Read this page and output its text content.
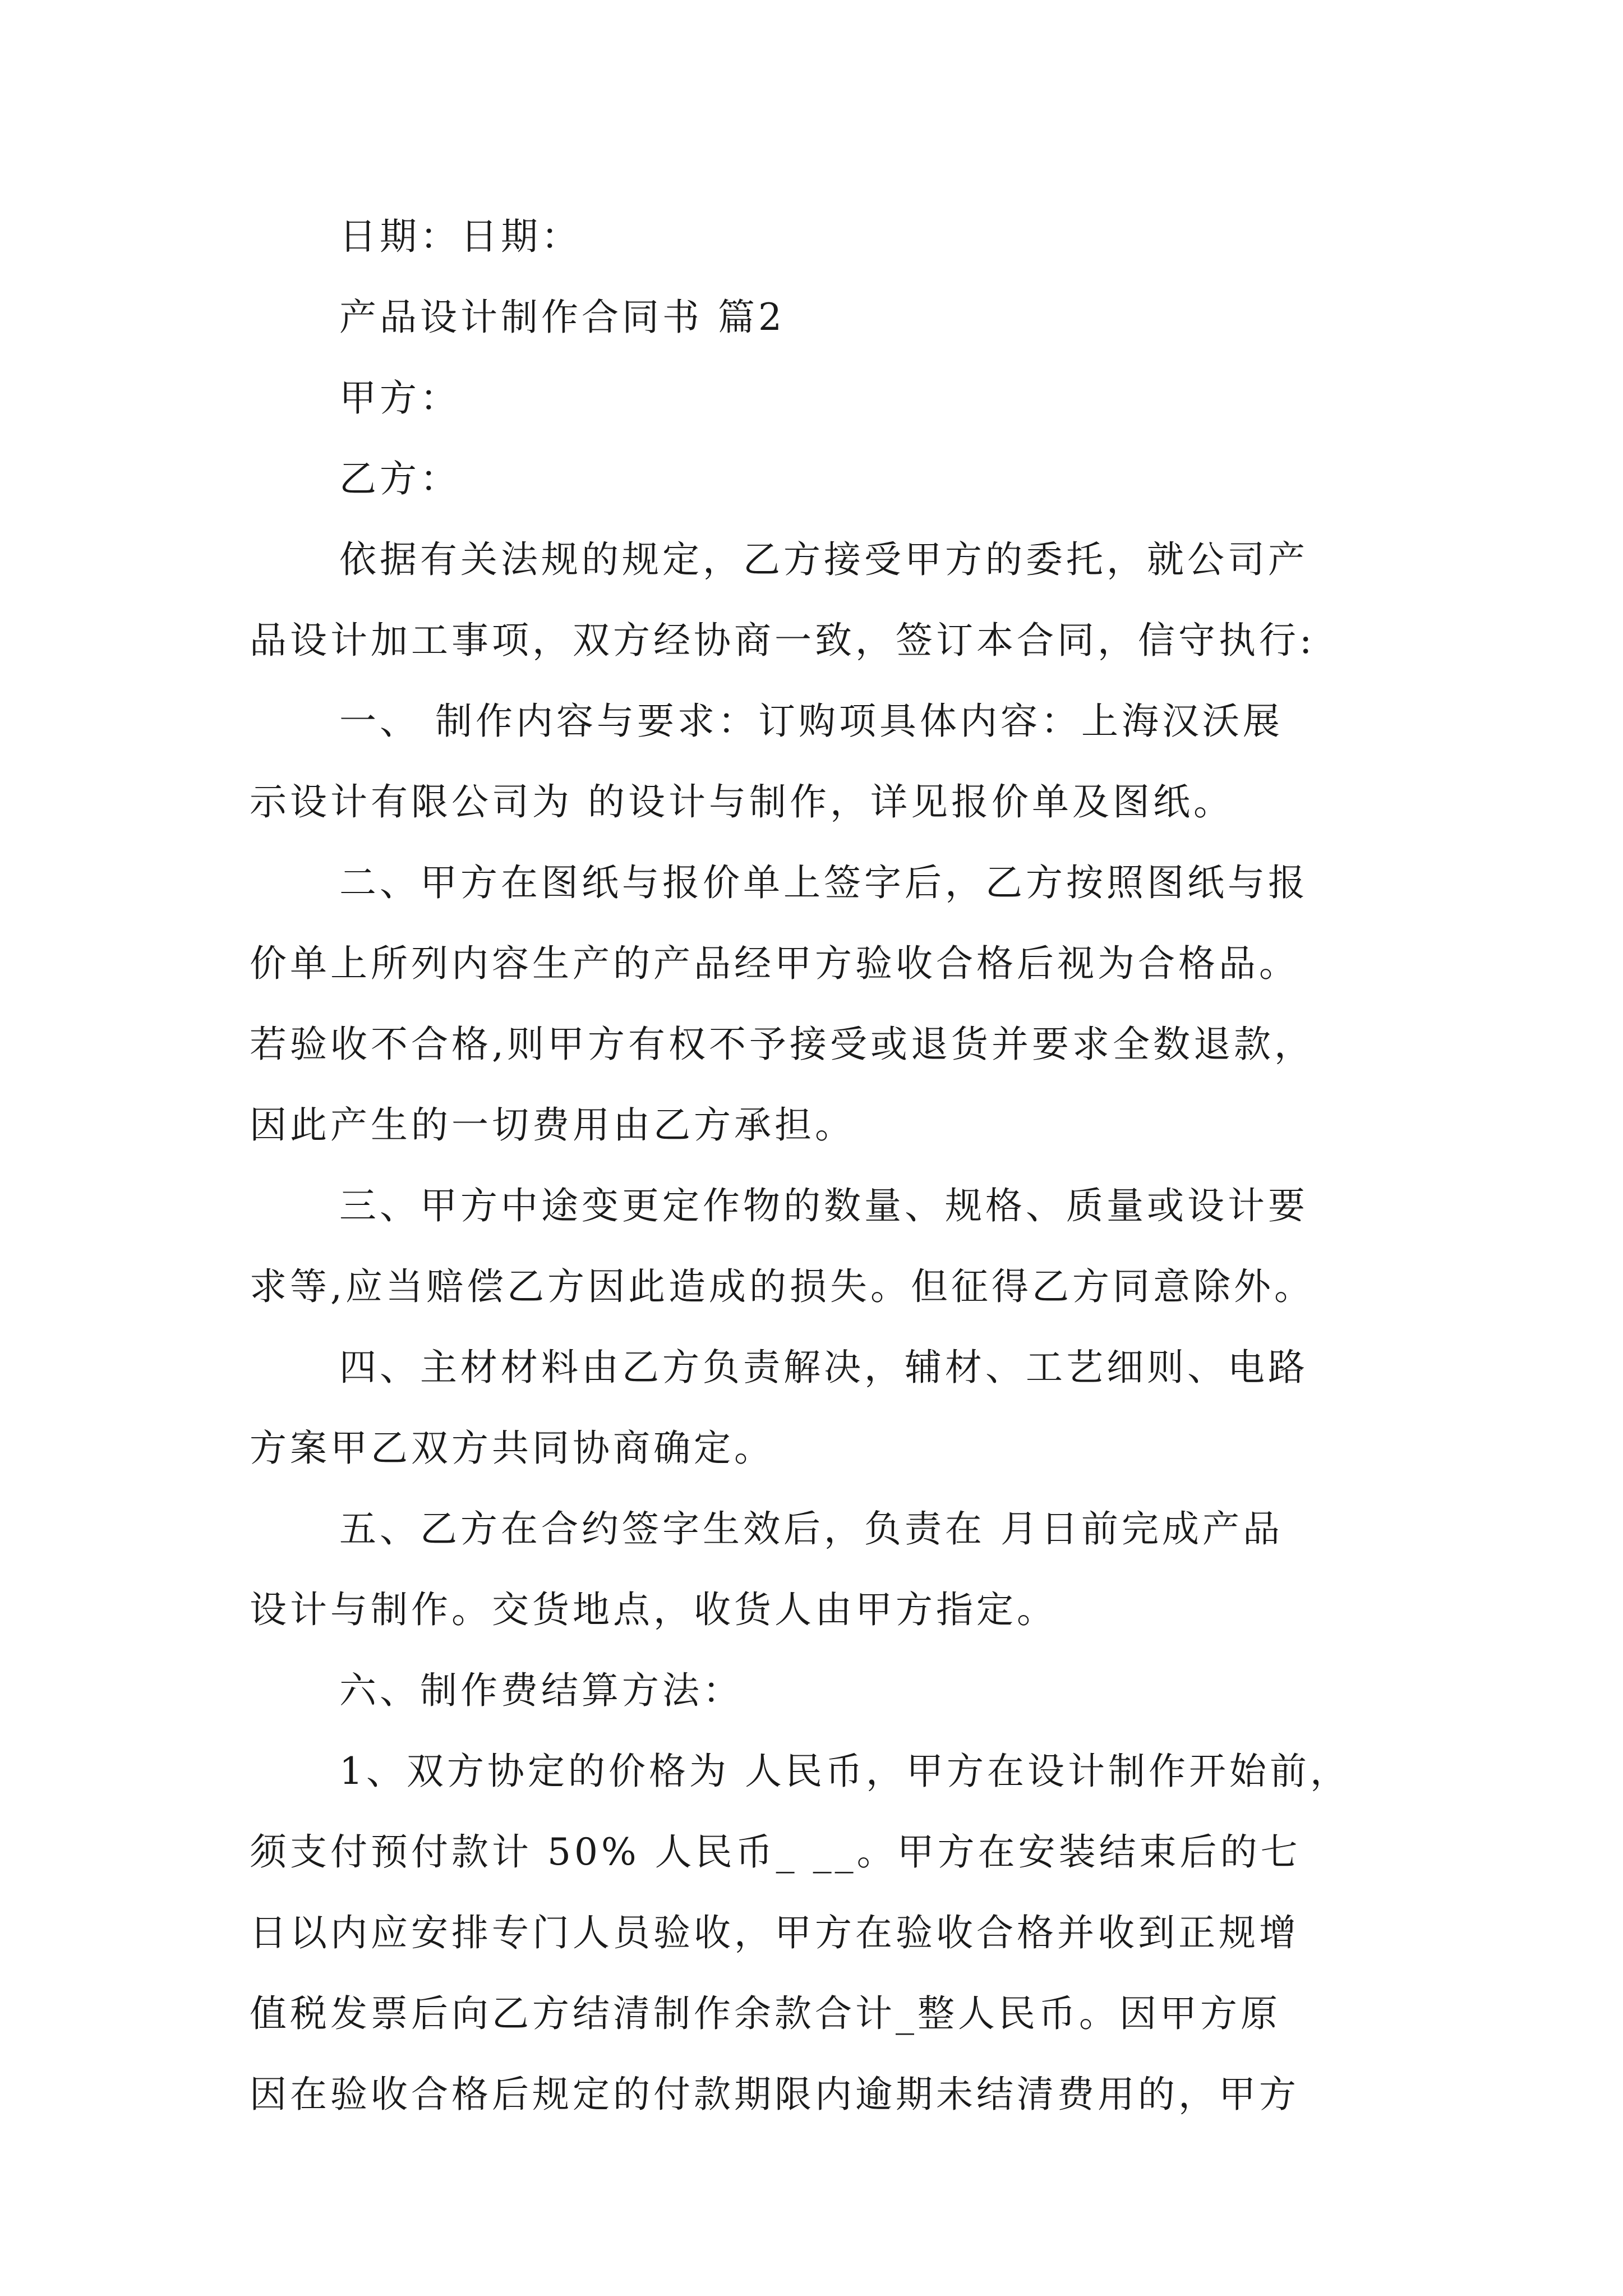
日期：日期：

产品设计制作合同书 篇2

甲方：

乙方：

依据有关法规的规定，乙方接受甲方的委托，就公司产

品设计加工事项，双方经协商一致，签订本合同，信守执行:

一、 制作内容与要求：订购项具体内容：上海汉沃展

示设计有限公司为 的设计与制作，详见报价单及图纸。

二、甲方在图纸与报价单上签字后，乙方按照图纸与报

价单上所列内容生产的产品经甲方验收合格后视为合格品。

若验收不合格,则甲方有权不予接受或退货并要求全数退款，

因此产生的一切费用由乙方承担。

三、甲方中途变更定作物的数量、规格、质量或设计要

求等,应当赔偿乙方因此造成的损失。但征得乙方同意除外。

四、主材材料由乙方负责解决，辅材、工艺细则、电路

方案甲乙双方共同协商确定。

五、乙方在合约签字生效后，负责在 月日前完成产品

设计与制作。交货地点，收货人由甲方指定。

六、制作费结算方法：

1、双方协定的价格为 人民币，甲方在设计制作开始前，

须支付预付款计 50% 人民币_ __。甲方在安装结束后的七

日以内应安排专门人员验收，甲方在验收合格并收到正规增

值税发票后向乙方结清制作余款合计_整人民币。因甲方原

因在验收合格后规定的付款期限内逾期未结清费用的，甲方
